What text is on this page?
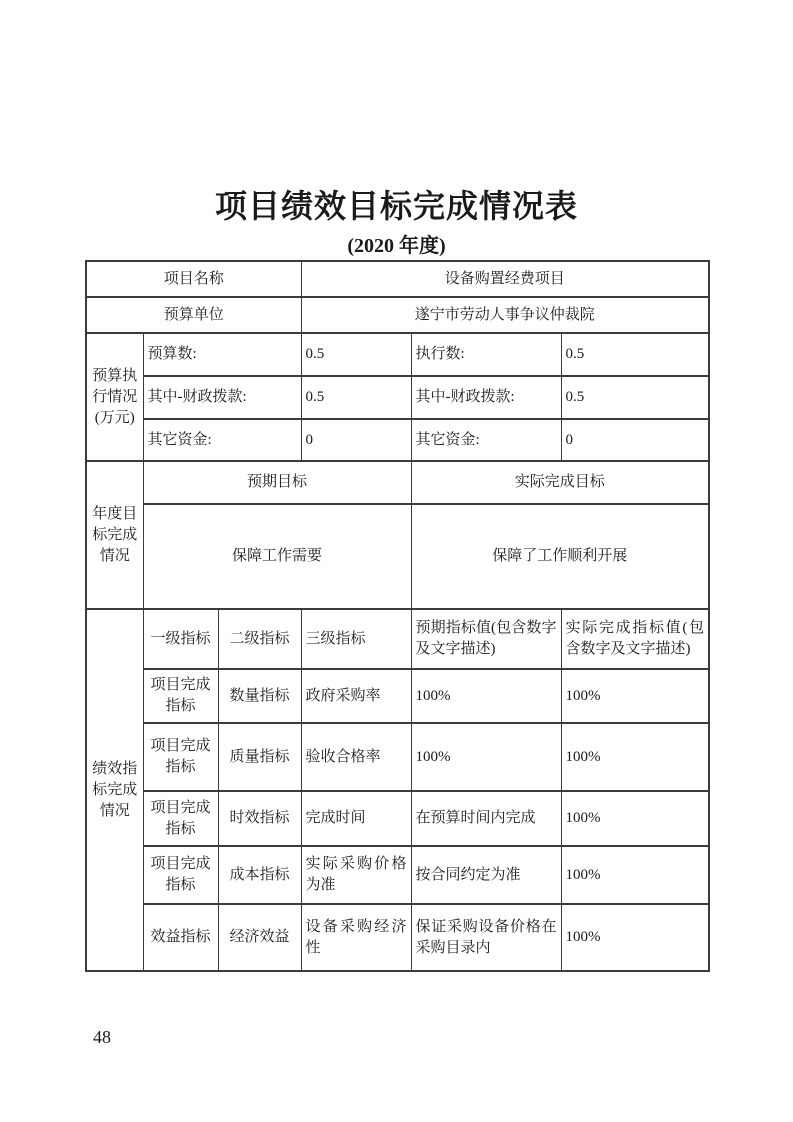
项目绩效目标完成情况表
(2020 年度)
项目名称			设备购置经费项目		
预算单位			遂宁市劳动人事争议仲裁院		
预算执行情况(万元)	预算数:		0.5	执行数:	0.5
	其中-财政拨款:		0.5	其中-财政拨款:	0.5
	其它资金:		0	其它资金:	0
年度目标完成情况	预期目标			实际完成目标	
	保障工作需要			保障了工作顺利开展	
绩效指标完成情况	一级指标	二级指标	三级指标	预期指标值(包含数字及文字描述)	实际完成指标值(包含数字及文字描述)
	项目完成指标	数量指标	政府采购率	100%	100%
	项目完成指标	质量指标	验收合格率	100%	100%
	项目完成指标	时效指标	完成时间	在预算时间内完成	100%
	项目完成指标	成本指标	实际采购价格为准	按合同约定为准	100%
	效益指标	经济效益	设备采购经济性	保证采购设备价格在采购目录内	100%
48
